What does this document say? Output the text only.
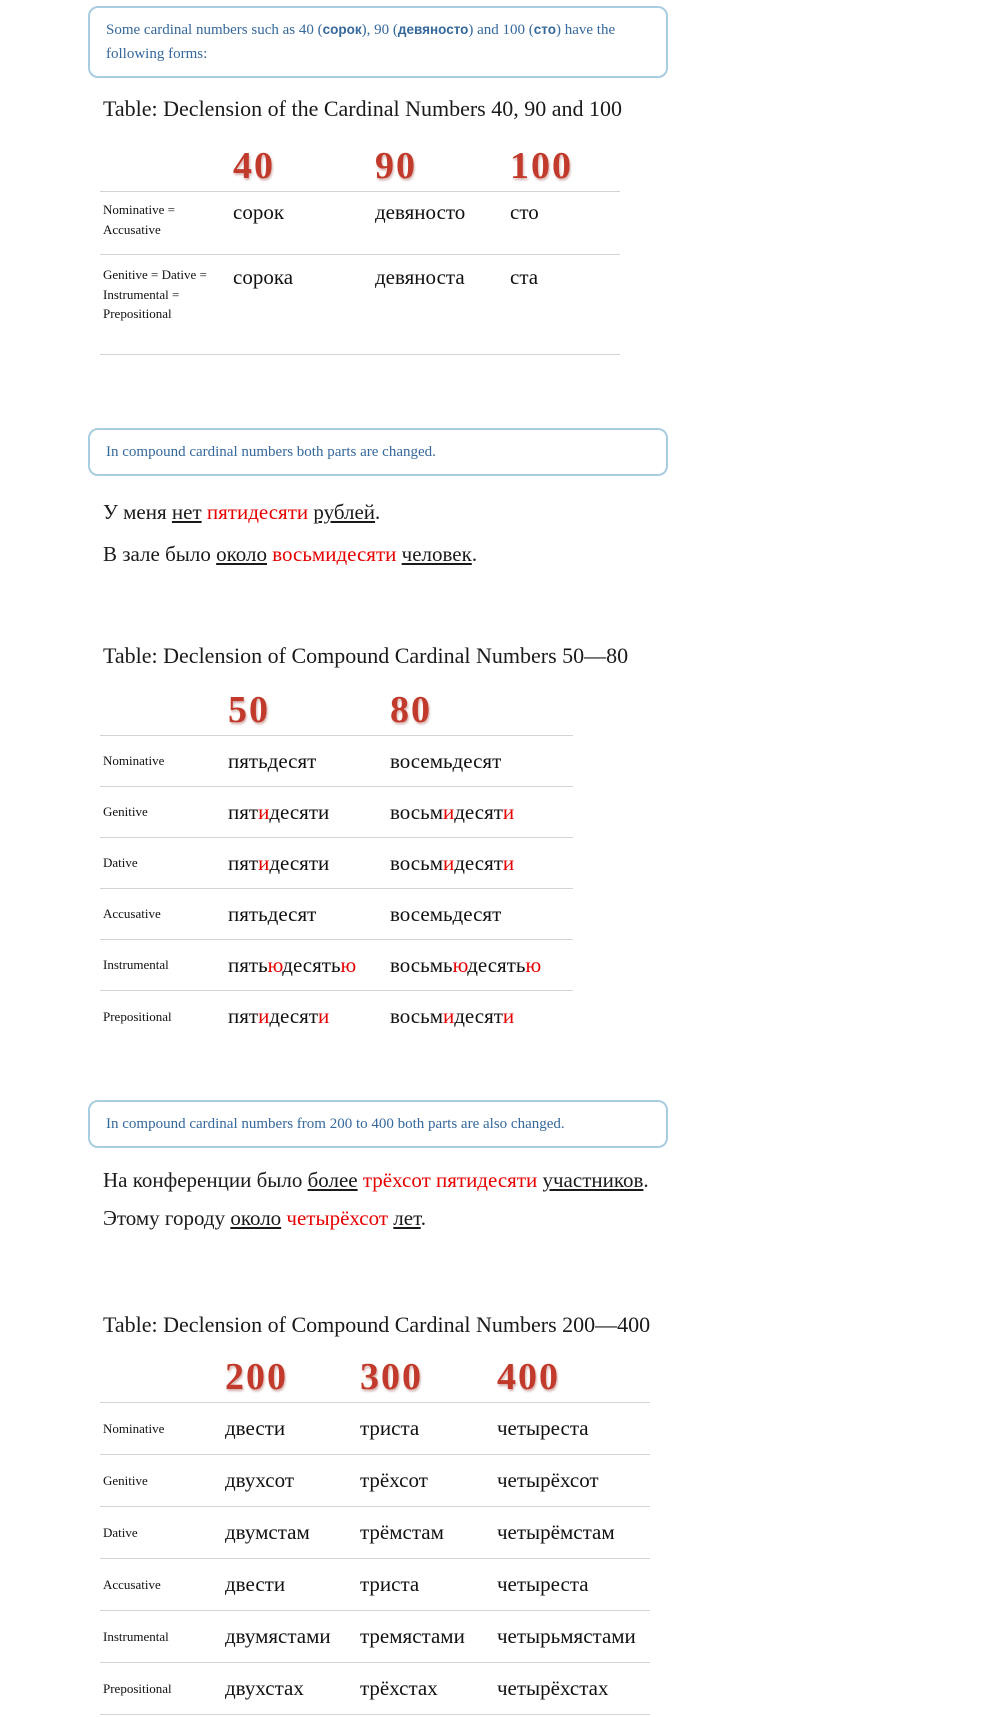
Some cardinal numbers such as 40 (сорок), 90 (девяносто) and 100 (сто) have the following forms:
Table: Declension of the Cardinal Numbers 40, 90 and 100
40	90 100
Nominative = Accusative
сорок	девяносто	сто
Genitive = Dative = Instrumental = Prepositional
сорока	девяноста	ста
In compound cardinal numbers both parts are changed.
У меня нет пятидесяти рублей.
В зале было около восьмидесяти человек.
Table: Declension of Compound Cardinal Numbers 50—80
50	80
Nominative	пятьдесят	восемьдесят
Genitive	пятидесяти	восьмидесяти
Dative	пятидесяти	восьмидесяти
Accusative	пятьдесят	восемьдесят
Instrumental	пятьюдесятью	восьмьюдесятью
Prepositional	пятидесяти	восьмидесяти
In compound cardinal numbers from 200 to 400 both parts are also changed.
На конференции было более трёхсот пятидесяти участников.
Этому городу около четырёхсот лет.
Table: Declension of Compound Cardinal Numbers 200—400
200 300 400
Nominative	двести	триста	четыреста
Genitive	двухсот	трёхсот	четырёхсот
Dative	двумстам	трёмстам	четырёмстам
Accusative	двести	триста	четыреста
Instrumental	двумястами	тремястами	четырьмястами
Prepositional	двухстах	трёхстах	четырёхстах
